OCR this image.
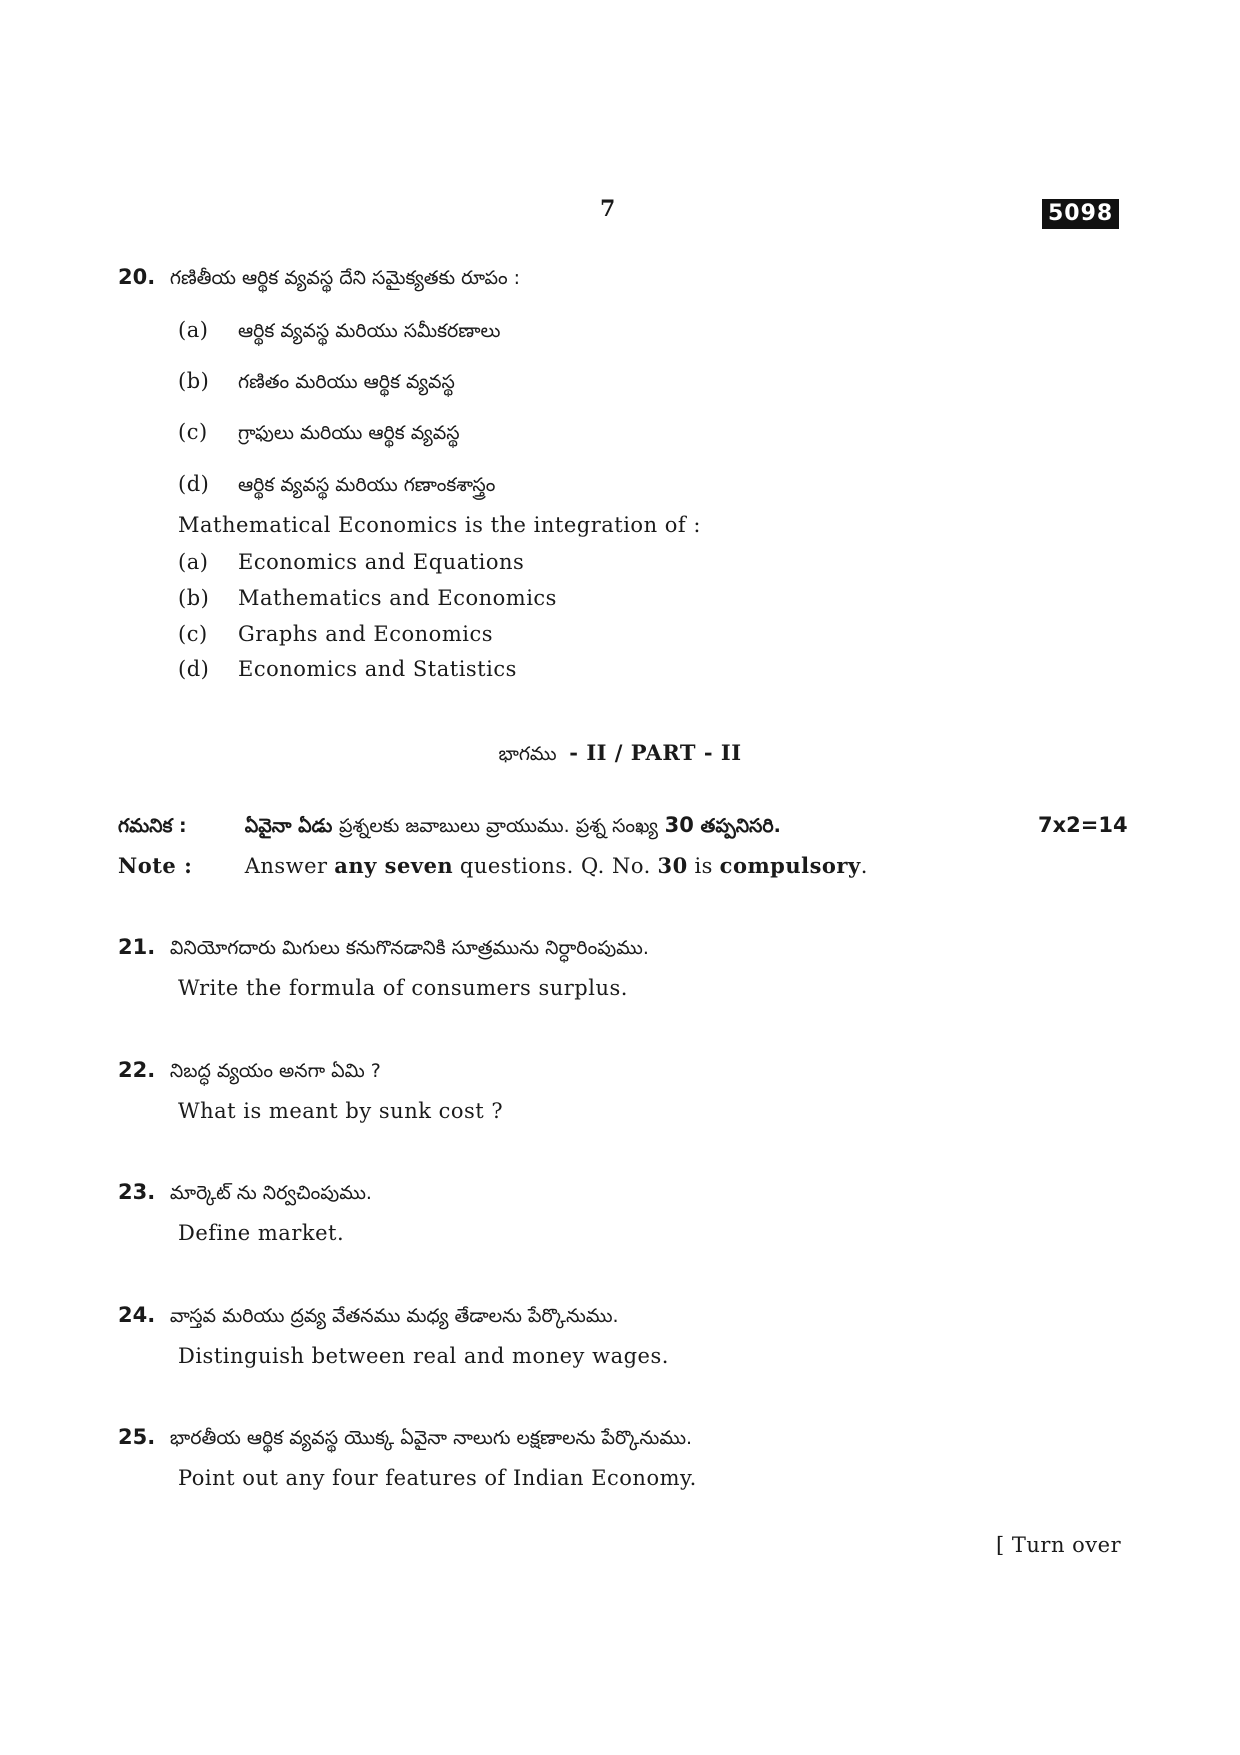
7	5098
20. గణితీయ ఆర్థిక వ్యవస్థ దేని సమైక్యతకు రూపం :
(a) ఆర్థిక వ్యవస్థ మరియు సమీకరణాలు
(b) గణితం మరియు ఆర్థిక వ్యవస్థ
(c) గ్రాఫులు మరియు ఆర్థిక వ్యవస్థ
(d) ఆర్థిక వ్యవస్థ మరియు గణాంకశాస్త్రం
Mathematical Economics is the integration of :
(a) Economics and Equations
(b) Mathematics and Economics
(c) Graphs and Economics
(d) Economics and Statistics
భాగము - II / PART - II
గమనిక :	ఏవైనా ఏడు ప్రశ్నలకు జవాబులు వ్రాయుము. ప్రశ్న సంఖ్య 30 తప్పనిసరి.	7x2=14
Note : Answer any seven questions. Q. No. 30 is compulsory.
21. వినియోగదారు మిగులు కనుగొనడానికి సూత్రమును నిర్ధారింపుము.
Write the formula of consumers surplus.
22. నిబద్ధ వ్యయం అనగా ఏమి ?
What is meant by sunk cost ?
23. మార్కెట్ ను నిర్వచింపుము.
Define market.
24. వాస్తవ మరియు ద్రవ్య వేతనము మధ్య తేడాలను పేర్కొనుము.
Distinguish between real and money wages.
25. భారతీయ ఆర్థిక వ్యవస్థ యొక్క ఏవైనా నాలుగు లక్షణాలను పేర్కొనుము.
Point out any four features of Indian Economy.
[ Turn over
